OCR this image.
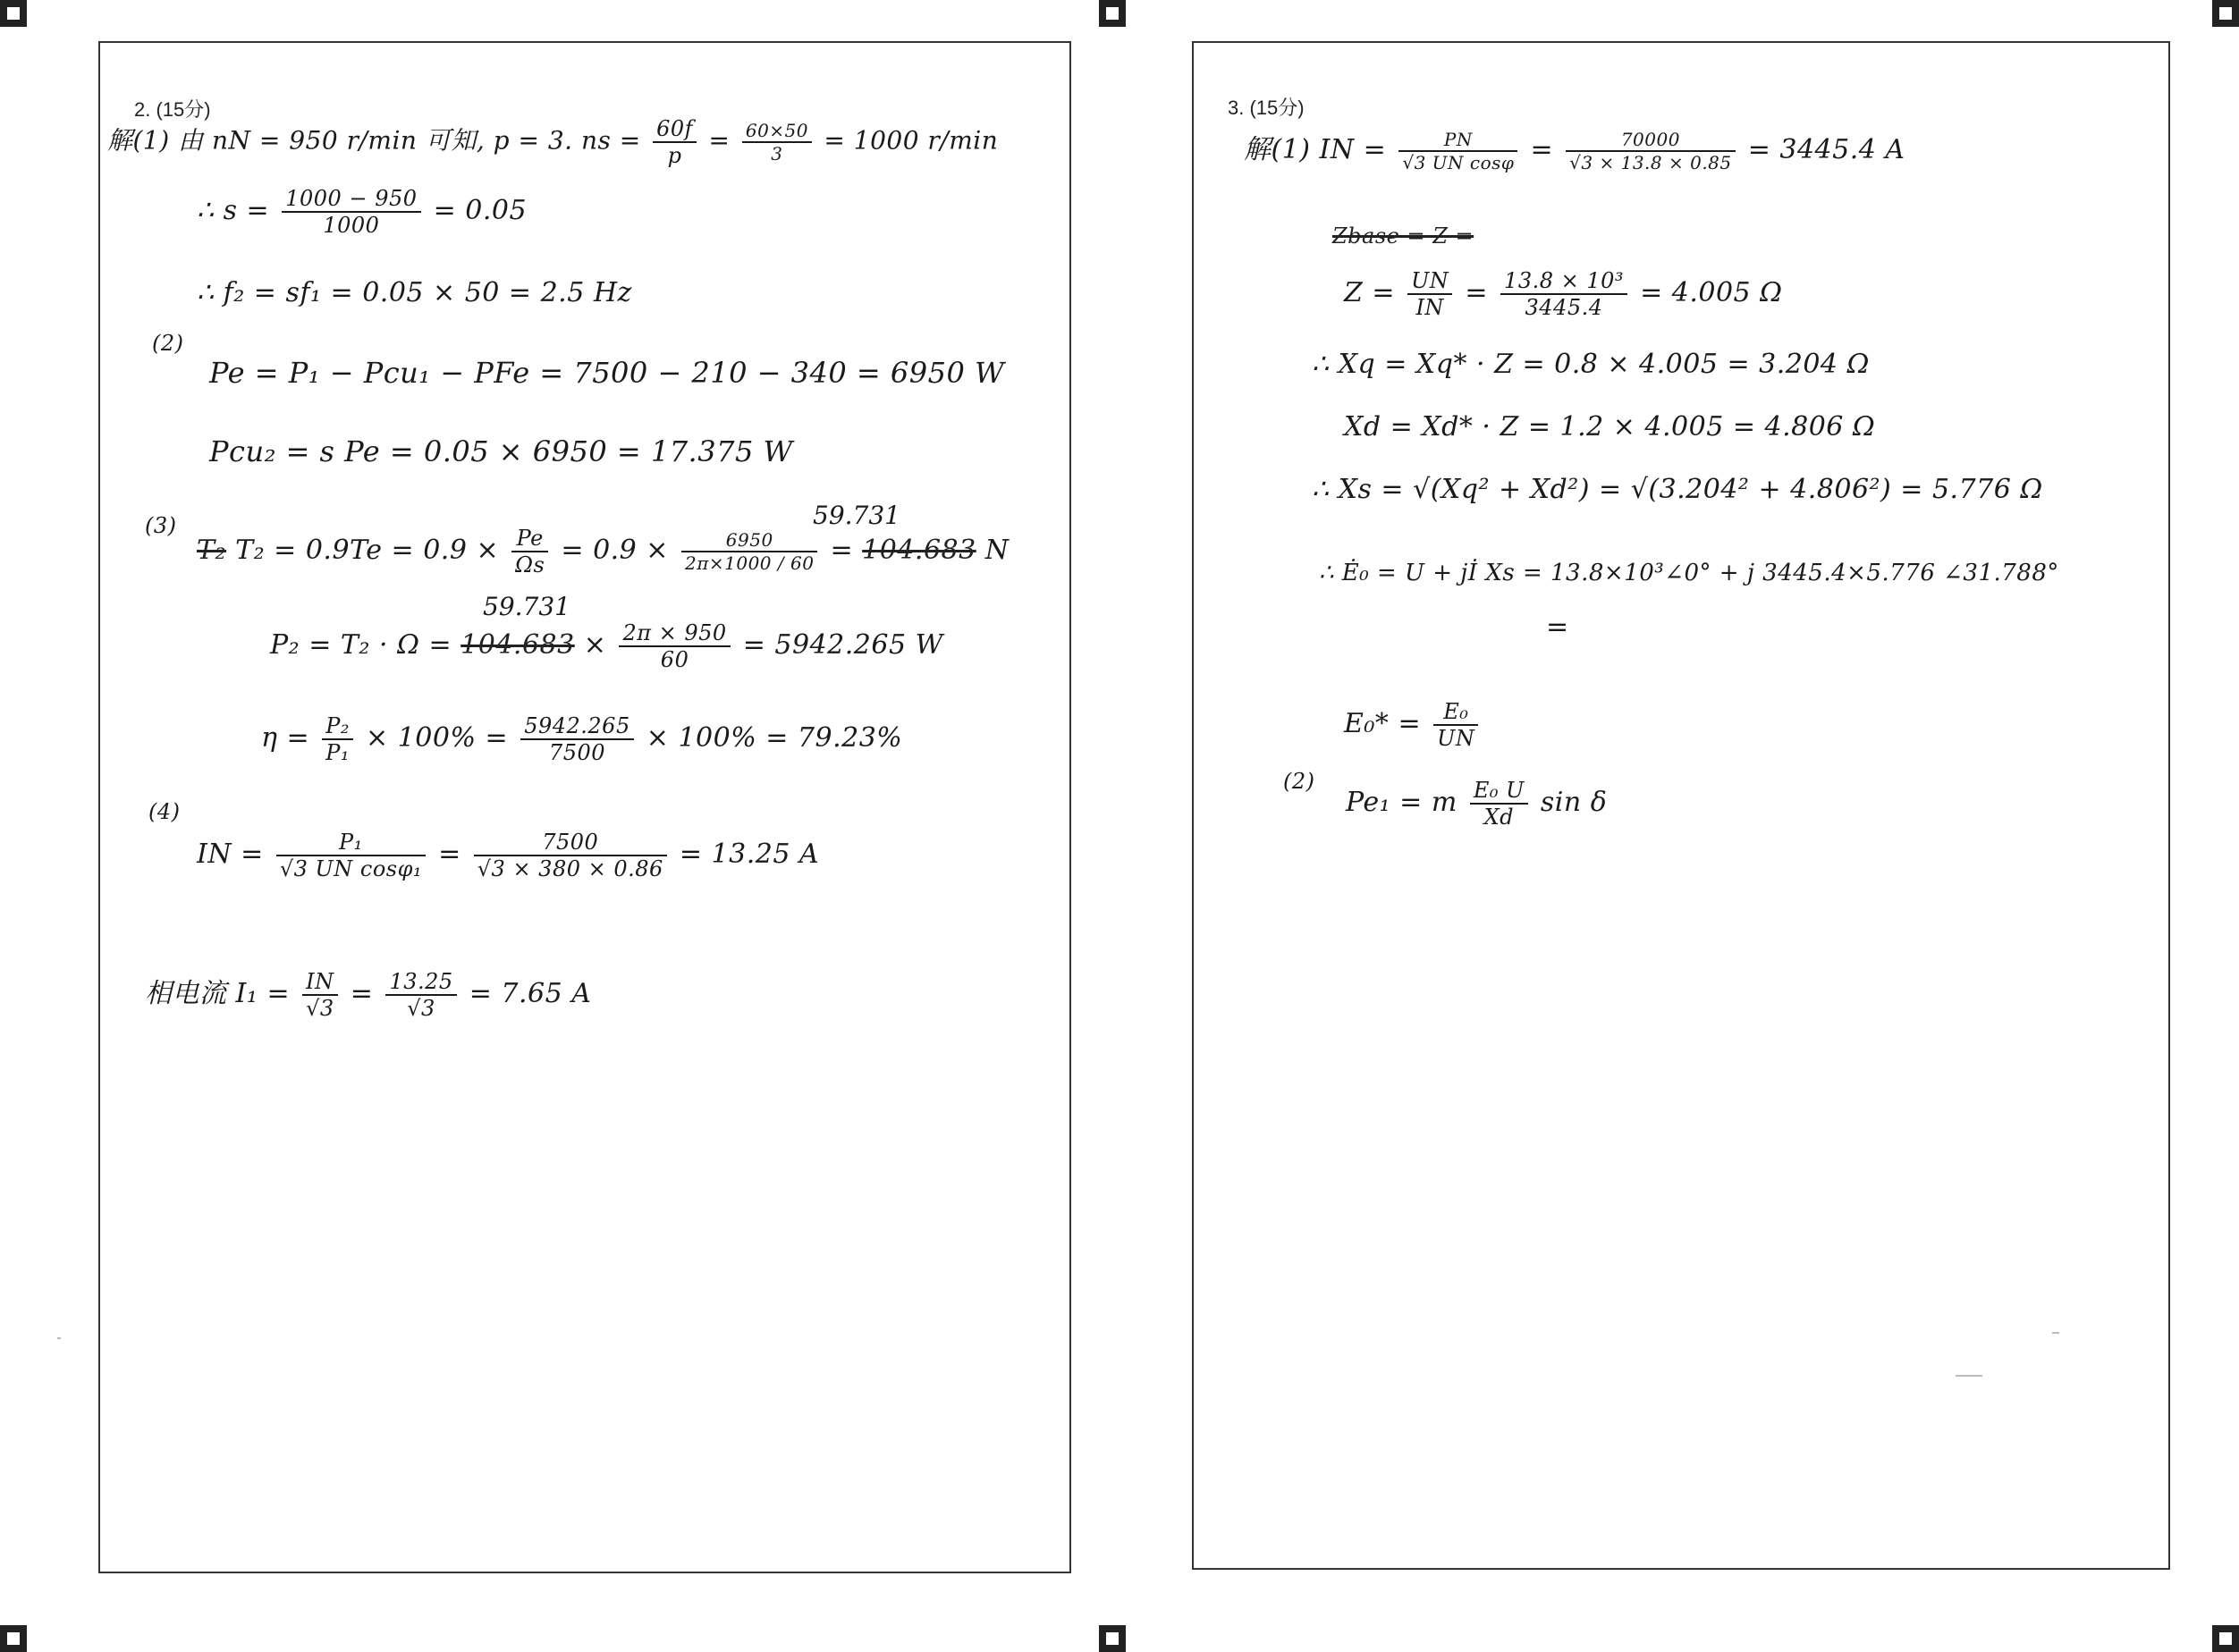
2. (15分)
解(1) 由 nN = 950 r/min 可知, p = 3. ns = $\frac{60f}{p} = \frac{60\times 50}{3} = 1000$ r/min
∴ $s = \frac{1000 - 950}{1000} = 0.05$
∴ f₂ = sf₁ = 0.05 × 50 = 2.5 Hz
(2)
Pe = P₁ − Pcu₁ − PFe = 7500 − 210 − 340 = 6950 W
Pcu₂ = s Pe = 0.05 × 6950 = 17.375 W
(3)	59.731
T₂ $T_2 = 0.9Te = 0.9 \times \frac{Pe}{\Omega s} = 0.9 \times \frac{6950}{2\pi\times 1000 / 60} = 104.683$ N
59.731
$P_2 = T_2 \cdot \Omega = 104.683 \times \frac{2\pi \times 950}{60} = 5942.265$ W
$\eta = \frac{\text{P₂}}{\text{P₁}} \times 100\% = \frac{5942.265}{7500} \times 100\% = 79.23\%$
(4)
IN = $\frac{\text{P₁}}{\text{√3 UN cosφ₁}} = \frac{7500}{√3 \times 380 \times 0.86} = 13.25$ A
相电流 $I_1 = \frac{IN}{√3} = \frac{13.25}{√3} = 7.65$ A
3. (15分)
解(1) IN = $\frac{PN}{\text{√3 UN cosφ}} = \frac{70000}{√3 \times 13.8 \times 0.85} = 3445.4$ A
Zbase = Z =
$Z = \frac{UN}{IN} = \frac{\text{13.8 × 10³}}{3445.4} = 4.005$ Ω
∴ Xq = Xq* · Z = 0.8 × 4.005 = 3.204 Ω
Xd = Xd* · Z = 1.2 × 4.005 = 4.806 Ω
∴ Xs = √(Xq² + Xd²) = √(3.204² + 4.806²) = 5.776 Ω
∴ Ė₀ = U + jİ Xs = 13.8×10³∠0° + j 3445.4×5.776 ∠31.788°
=
$E_0* = \frac{\text{E₀}}{UN}$
(2)
Pe₁ = m $\frac{\text{E₀ U}}{Xd}$ sin δ
